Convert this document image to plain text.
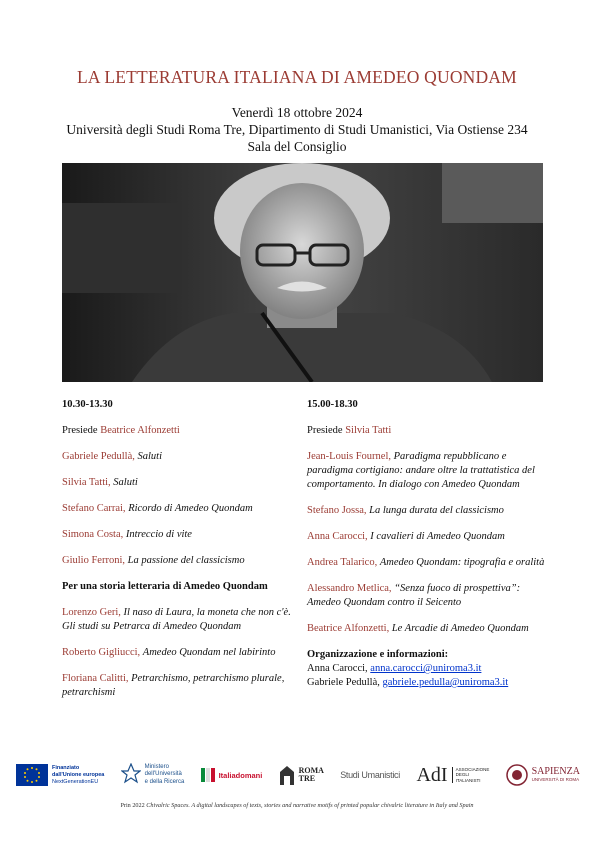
LA LETTERATURA ITALIANA DI AMEDEO QUONDAM
Venerdì 18 ottobre 2024
Università degli Studi Roma Tre, Dipartimento di Studi Umanistici, Via Ostiense 234
Sala del Consiglio
10.30-13.30
Presiede Beatrice Alfonzetti
Gabriele Pedullà, Saluti
Silvia Tatti, Saluti
Stefano Carrai, Ricordo di Amedeo Quondam
Simona Costa, Intreccio di vite
Giulio Ferroni, La passione del classicismo
Per una storia letteraria di Amedeo Quondam
Lorenzo Geri, Il naso di Laura, la moneta che non c'è. Gli studi su Petrarca di Amedeo Quondam
Roberto Gigliucci, Amedeo Quondam nel labirinto
Floriana Calitti, Petrarchismo, petrarchismo plurale, petrarchismi
15.00-18.30
Presiede Silvia Tatti
Jean-Louis Fournel, Paradigma repubblicano e paradigma cortigiano: andare oltre la trattatistica del comportamento. In dialogo con Amedeo Quondam
Stefano Jossa, La lunga durata del classicismo
Anna Carocci, I cavalieri di Amedeo Quondam
Andrea Talarico, Amedeo Quondam: tipografia e oralità
Alessandro Metlica, “Senza fuoco di prospettiva”: Amedeo Quondam contro il Seicento
Beatrice Alfonzetti, Le Arcadie di Amedeo Quondam
Organizzazione e informazioni:
Anna Carocci, anna.carocci@uniroma3.it
Gabriele Pedullà, gabriele.pedulla@uniroma3.it
Finanziato
dall'Unione europea
NextGenerationEU
Ministero
dell'Università
e della Ricerca
Italiadomani	ROMA
TRE	Studi Umanistici AdI ASSOCIAZIONE
DEGLI
ITALIANISTI
SAPIENZA
UNIVERSITÀ DI ROMA
Prin 2022 Chivalric Spaces. A digital landscapes of texts, stories and narrative motifs of printed popular chivalric literature in Italy and Spain
